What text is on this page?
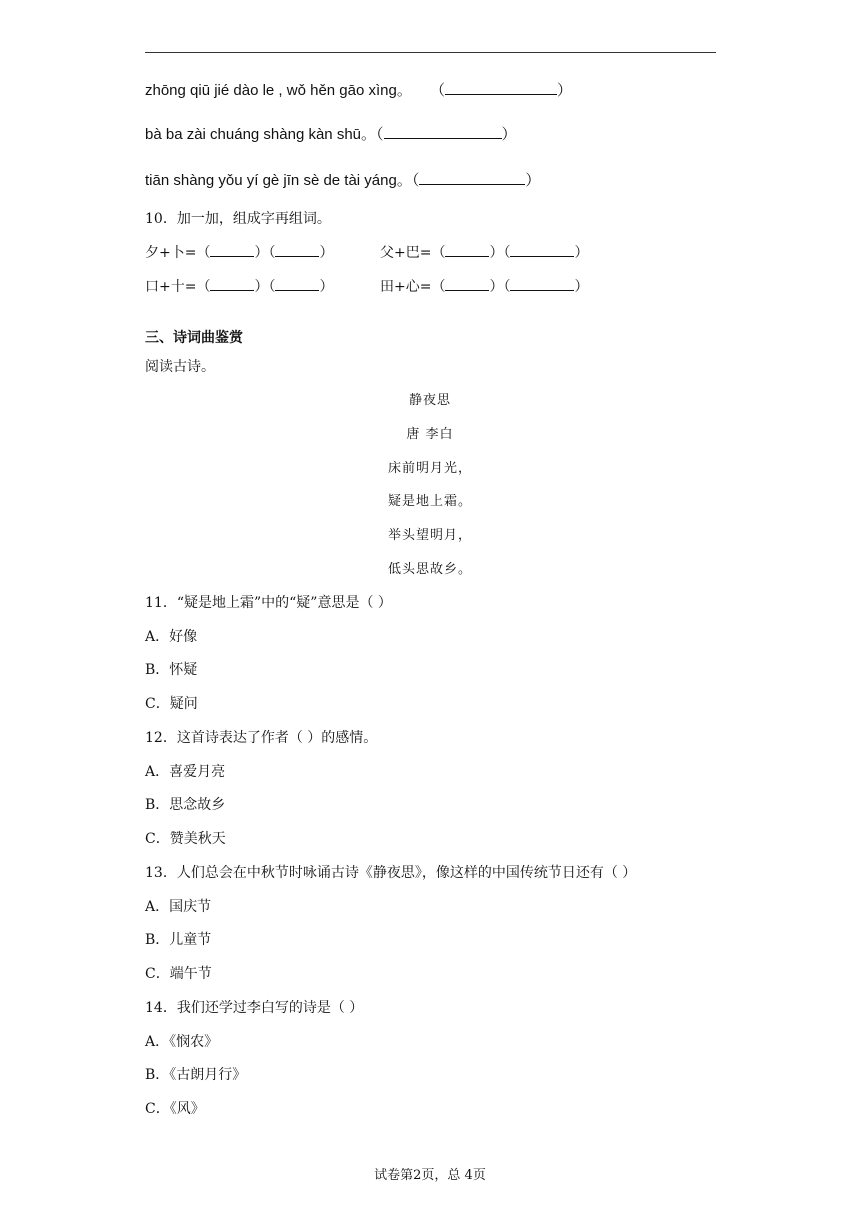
zhōng qiū jié dào le , wǒ hěn gāo xìng。 （	）
bà ba zài chuáng shàng kàn shū。（	）
tiān shàng yǒu yí gè jīn sè de tài yáng。（	）
10．加一加，组成字再组词。
夕+卜=（	）（	）	父+巴=（	）（	）
口+十=（	）（	）	田+心=（	）（	）
三、诗词曲鉴赏
阅读古诗。
静夜思
唐 李白
床前明月光，
疑是地上霜。
举头望明月，
低头思故乡。
11．“疑是地上霜”中的“疑”意思是（ ）
A．好像
B．怀疑
C．疑问
12．这首诗表达了作者（ ）的感情。
A．喜爱月亮
B．思念故乡
C．赞美秋天
13．人们总会在中秋节时咏诵古诗《静夜思》，像这样的中国传统节日还有（ ）
A．国庆节
B．儿童节
C．端午节
14．我们还学过李白写的诗是（ ）
A．《悯农》
B．《古朗月行》
C．《风》
试卷第2页，总 4页
